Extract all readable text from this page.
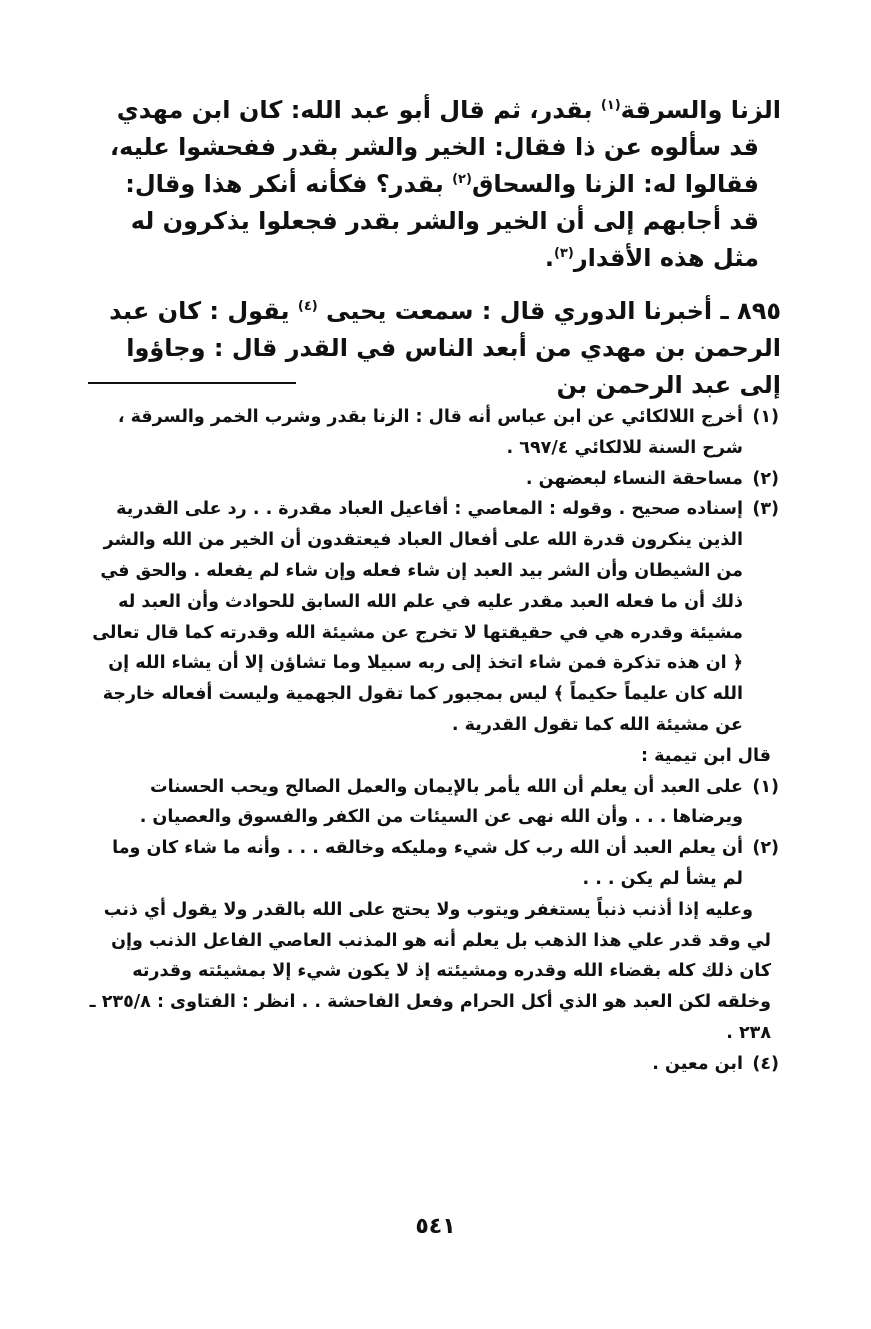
الزنا والسرقة$^{(١)}$ بقدر، ثم قال أبو عبد الله: كان ابن مهدي قد سألوه عن ذا فقال: الخير والشر بقدر ففحشوا عليه، فقالوا له: الزنا والسحاق$^{(٢)}$ بقدر؟ فكأنه أنكر هذا وقال: قد أجابهم إلى أن الخير والشر بقدر فجعلوا يذكرون له مثل هذه الأقدار$^{(٣)}$.

٨٩٥ ـ أخبرنا الدوري قال : سمعت يحيى $^{(٤)}$ يقول : كان عبد الرحمن بن مهدي من أبعد الناس في القدر قال : وجاؤوا إلى عبد الرحمن بن

(١)
أخرج اللالكائي عن ابن عباس أنه قال : الزنا بقدر وشرب الخمر والسرقة ، شرح السنة للالكائي ٦٩٧/٤ .
(٢)
مساحقة النساء لبعضهن .
(٣)
إسناده صحيح . وقوله : المعاصي : أفاعيل العباد مقدرة . . رد على القدرية الذين ينكرون قدرة الله على أفعال العباد فيعتقدون أن الخير من الله والشر من الشيطان وأن الشر بيد العبد إن شاء فعله وإن شاء لم يفعله . والحق في ذلك أن ما فعله العبد مقدر عليه في علم الله السابق للحوادث وأن العبد له مشيئة وقدره هي في حقيقتها لا تخرج عن مشيئة الله وقدرته كما قال تعالى ﴿ ان هذه تذكرة فمن شاء اتخذ إلى ربه سبيلا وما تشاؤن إلا أن يشاء الله إن الله كان عليماً حكيماً ﴾ ليس بمجبور كما تقول الجهمية وليست أفعاله خارجة عن مشيئة الله كما تقول القدرية .
قال ابن تيمية :
(١)
على العبد أن يعلم أن الله يأمر بالإيمان والعمل الصالح ويحب الحسنات ويرضاها . . . وأن الله نهى عن السيئات من الكفر والفسوق والعصيان .
(٢)
أن يعلم العبد أن الله رب كل شيء ومليكه وخالقه . . . وأنه ما شاء كان وما لم يشأ لم يكن . . .
وعليه إذا أذنب ذنباً يستغفر ويتوب ولا يحتج على الله بالقدر ولا يقول أي ذنب لي وقد قدر علي هذا الذهب بل يعلم أنه هو المذنب العاصي الفاعل الذنب وإن كان ذلك كله بقضاء الله وقدره ومشيئته إذ لا يكون شيء إلا بمشيئته وقدرته وخلقه لكن العبد هو الذي أكل الحرام وفعل الفاحشة . . انظر : الفتاوى : ٢٣٥/٨ ـ ٢٣٨ .
(٤)
ابن معين .
٥٤١
